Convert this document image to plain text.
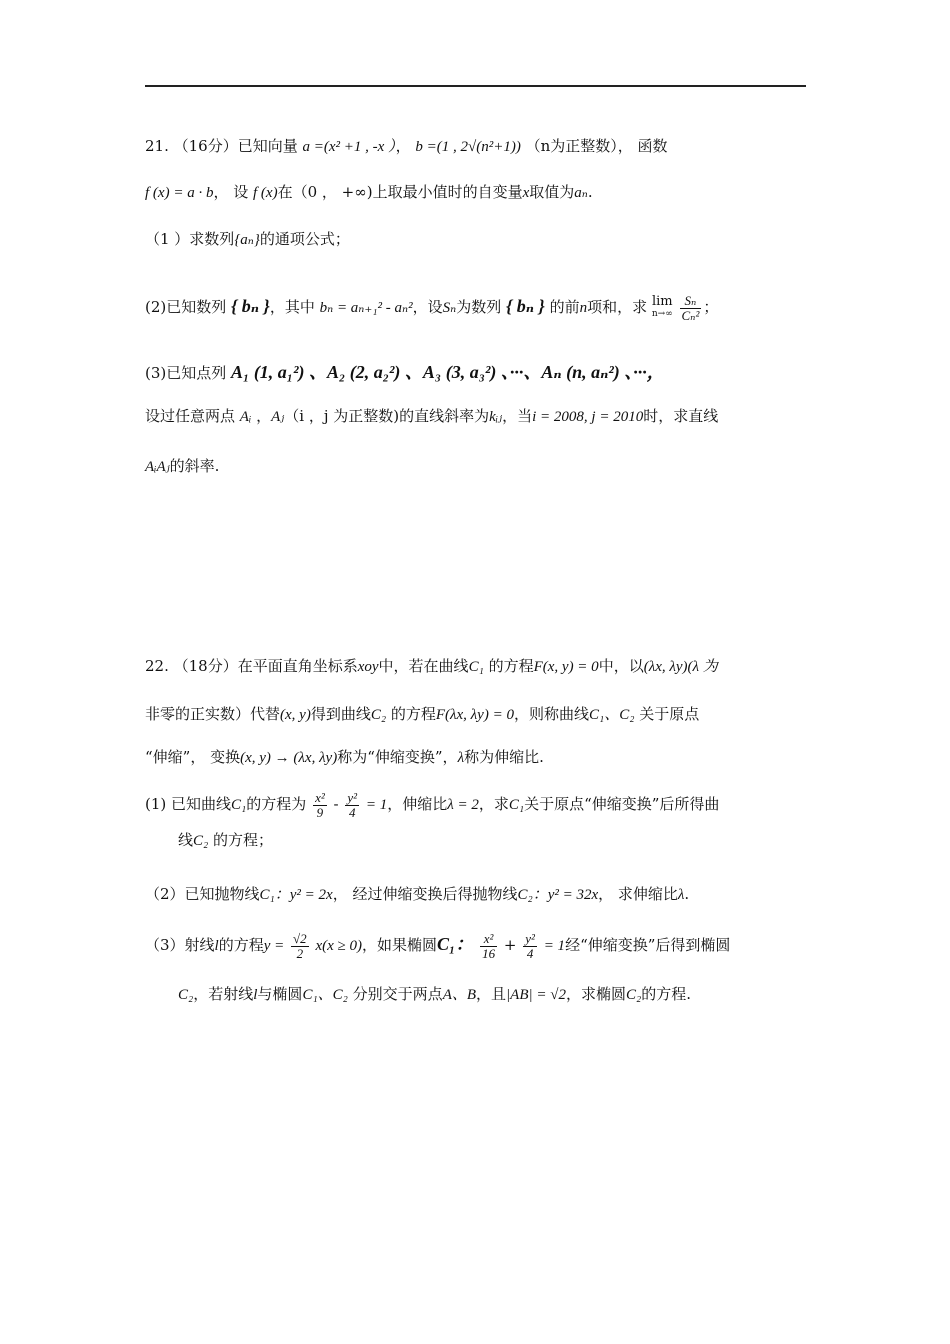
21. （16分）已知向量 a =(x² +1 , -x ）， b =(1 , 2√(n²+1)) （n为正整数）， 函数
f (x) = a · b， 设 f (x)在（0 ， +∞)上取最小值时的自变量x取值为aₙ.
（1 ）求数列{aₙ}的通项公式；
(2)已知数列 { bₙ }，其中 bₙ = aₙ₊₁² - aₙ²，设Sₙ为数列 { bₙ } 的前n项和，求 lim
n→∞
$\frac{\text{Sₙ}}{\text{Cₙ²}}$ ；
(3)已知点列 A₁ (1, a₁²) 、A₂ (2, a₂²) 、A₃ (3, a₃²) 、···、Aₙ (n, aₙ²) 、···，
设过任意两点 Aᵢ ，Aⱼ（i ，j 为正整数)的直线斜率为kᵢⱼ，当i = 2008, j = 2010时，求直线
AᵢAⱼ的斜率.
22. （18分）在平面直角坐标系xoy中，若在曲线C₁ 的方程F(x, y) = 0中，以(λx, λy)(λ 为
非零的正实数）代替(x, y)得到曲线C₂ 的方程F(λx, λy) = 0，则称曲线C₁、C₂ 关于原点
“伸缩”， 变换(x, y) → (λx, λy)称为“伸缩变换”，λ称为伸缩比.
(1) 已知曲线C₁的方程为 $\frac{\text{x²}}{9} - \frac{\text{y²}}{4} = 1$，伸缩比λ = 2，求C₁关于原点“伸缩变换”后所得曲
线C₂ 的方程；
（2）已知抛物线C₁：y² = 2x， 经过伸缩变换后得抛物线C₂：y² = 32x， 求伸缩比λ.
（3）射线l的方程$y = \frac{√2}{2} x(x \ge 0)$，如果椭圆C₁： $\frac{\text{x²}}{16} + \frac{\text{y²}}{4} = 1$经“伸缩变换”后得到椭圆
C₂，若射线l与椭圆C₁、C₂ 分别交于两点A、B，且|AB| = √2，求椭圆C₂的方程.
